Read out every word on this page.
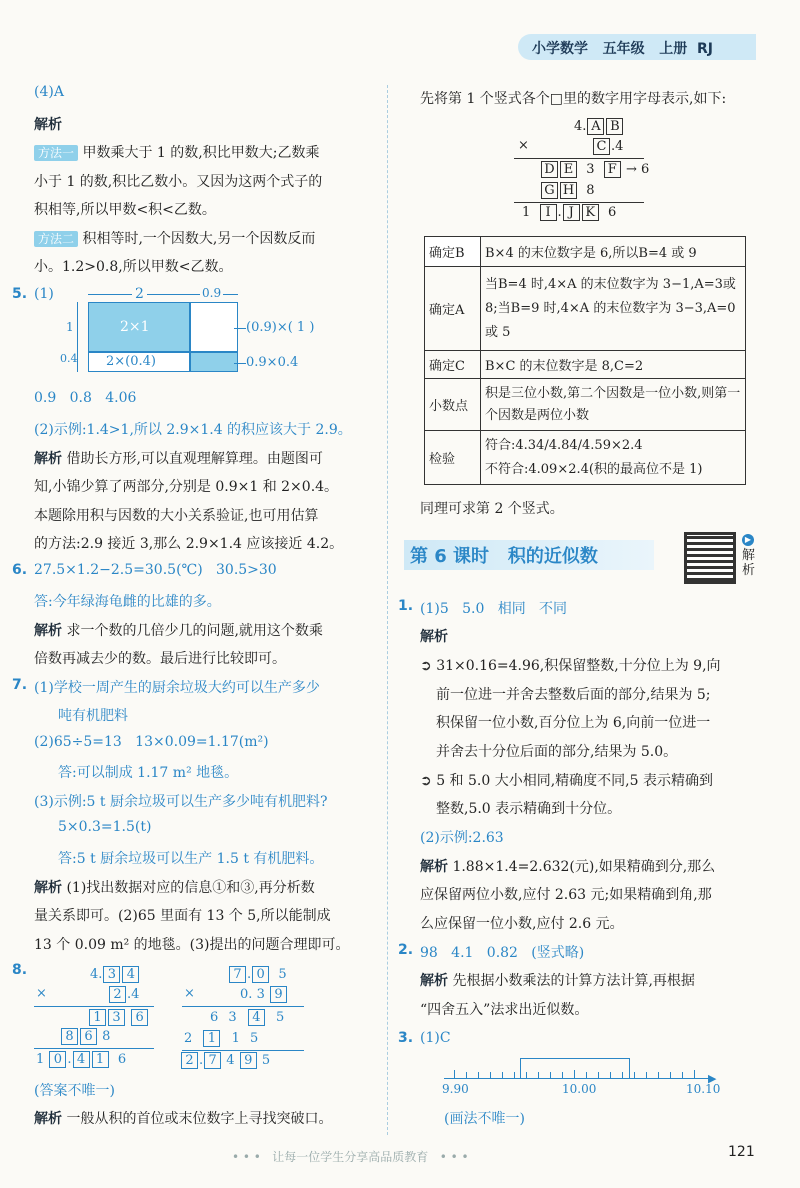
小学数学 五年级 上册 RJ
(4)A
解析
方法一 甲数乘大于 1 的数,积比甲数大;乙数乘
小于 1 的数,积比乙数小。又因为这两个式子的
积相等,所以甲数<积<乙数。
方法二 积相等时,一个因数大,另一个因数反而
小。1.2>0.8,所以甲数<乙数。
5. (1)	2	0.9
1
0.4
2×1
2×(0.4)
(0.9)×( 1 )
0.9×0.4
0.9   0.8   4.06
(2)示例:1.4>1,所以 2.9×1.4 的积应该大于 2.9。
解析 借助长方形,可以直观理解算理。由题图可
知,小锦少算了两部分,分别是 0.9×1 和 2×0.4。
本题除用积与因数的大小关系验证,也可用估算
的方法:2.9 接近 3,那么 2.9×1.4 应该接近 4.2。
6. 27.5×1.2−2.5=30.5(℃)   30.5>30
答:今年绿海龟雌的比雄的多。
解析 求一个数的几倍少几的问题,就用这个数乘
倍数再减去少的数。最后进行比较即可。
7. (1)学校一周产生的厨余垃圾大约可以生产多少
吨有机肥料
(2)65÷5=13   13×0.09=1.17(m²)
答:可以制成 1.17 m² 地毯。
(3)示例:5 t 厨余垃圾可以生产多少吨有机肥料?
5×0.3=1.5(t)
答:5 t 厨余垃圾可以生产 1.5 t 有机肥料。
解析 (1)找出数据对应的信息①和③,再分析数
量关系即可。(2)65 里面有 13 个 5,所以能制成
13 个 0.09 m² 的地毯。(3)提出的问题合理即可。
8.	4. 3 4
×	2 .4
1 3 6
8 6 8
1 0 . 4 1 6
7 . 0 5
×	0. 3 9
6 3 4 5
2 1 1 5
2 . 7 4 9 5
(答案不唯一)
解析 一般从积的首位或末位数字上寻找突破口。
先将第 1 个竖式各个□里的数字用字母表示,如下:
4. A B
×	C .4
D E 3 F → 6
G H 8
1 I . J K 6
确定B	B×4 的末位数字是 6,所以B=4 或 9
确定A	当B=4 时,4×A 的末位数字为 3−1,A=3或 8;当B=9 时,4×A 的末位数字为 3−3,A=0或 5
确定C	B×C 的末位数字是 8,C=2
小数点	积是三位小数,第二个因数是一位小数,则第一个因数是两位小数
检验	符合:4.34/4.84/4.59×2.4
不符合:4.09×2.4(积的最高位不是 1)
同理可求第 2 个竖式。
第 6 课时   积的近似数
▶
解析
1. (1)5   5.0   相同   不同
解析
➲ 31×0.16=4.96,积保留整数,十分位上为 9,向
前一位进一并舍去整数后面的部分,结果为 5;
积保留一位小数,百分位上为 6,向前一位进一
并舍去十分位后面的部分,结果为 5.0。
➲ 5 和 5.0 大小相同,精确度不同,5 表示精确到
整数,5.0 表示精确到十分位。
(2)示例:2.63
解析 1.88×1.4=2.632(元),如果精确到分,那么
应保留两位小数,应付 2.63 元;如果精确到角,那
么应保留一位小数,应付 2.6 元。
2. 98   4.1   0.82   (竖式略)
解析 先根据小数乘法的计算方法计算,再根据
“四舍五入”法求出近似数。
3. (1)C
▶
9.90	10.00	10.10
(画法不唯一)
• • •   让每一位学生分享高品质教育   • • •	121
